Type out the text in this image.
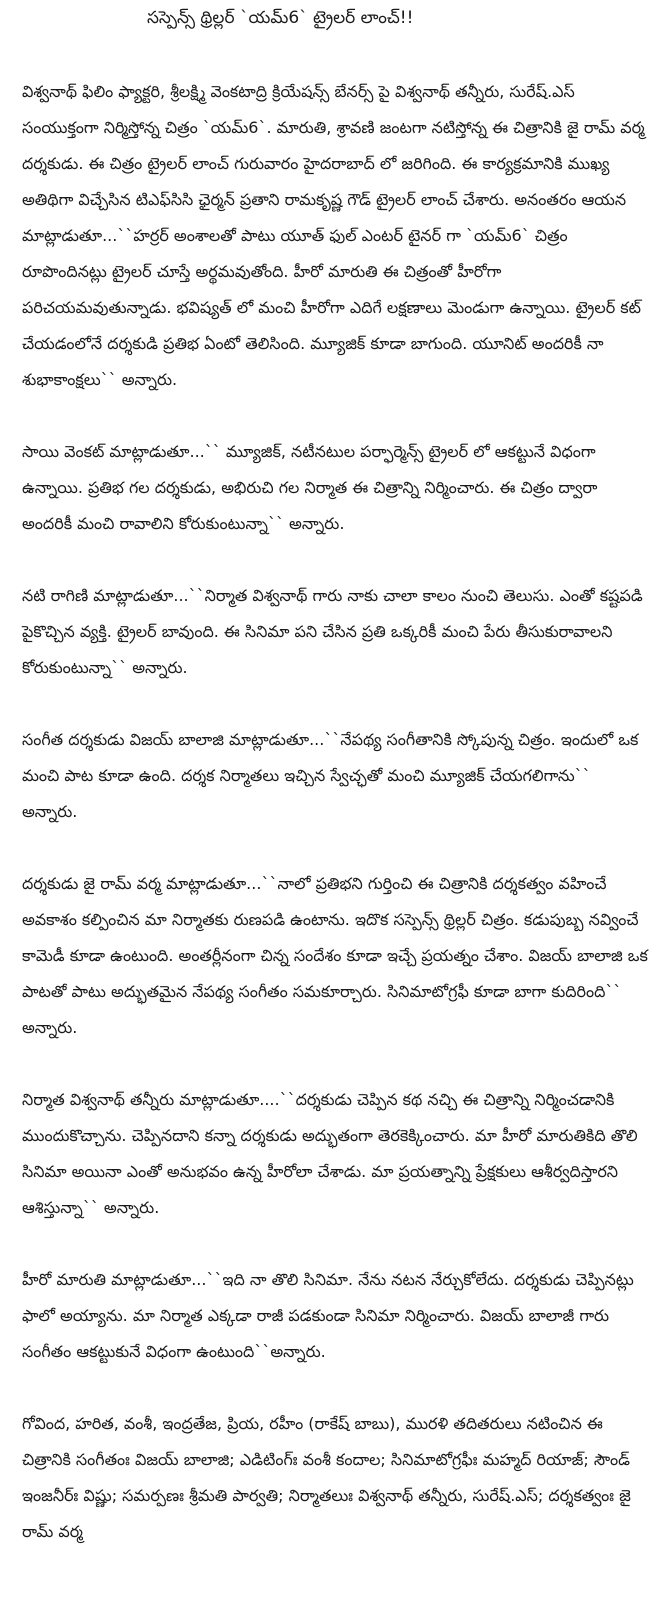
సస్పెన్స్ థ్రిల్లర్ `యమ్6` ట్రైలర్ లాంచ్!!

విశ్వనాథ్ ఫిలిం ఫ్యాక్టరి, శ్రీలక్ష్మి వెంకటాద్రి క్రియేషన్స్ బేనర్స్ పై విశ్వనాథ్ తన్నీరు, సురేష్.ఎస్ సంయుక్తంగా నిర్మిస్తోన్న చిత్రం `యమ్6`. మారుతి, శ్రావణి జంటగా నటిస్తోన్న ఈ చిత్రానికి జై రామ్ వర్మ దర్శకుడు. ఈ చిత్రం ట్రైలర్ లాంచ్ గురువారం హైదరాబాద్ లో జరిగింది. ఈ కార్యక్రమానికి ముఖ్య అతిథిగా విచ్చేసిన టిఎఫ్‌సిసి ఛైర్మన్ ప్రతాని రామకృష్ణ గౌడ్ ట్రైలర్ లాంచ్ చేశారు. అనంతరం ఆయన మాట్లాడుతూ...``హర్రర్ అంశాలతో పాటు యూత్ ఫుల్ ఎంటర్ టైనర్ గా `యమ్6` చిత్రం రూపొందినట్లు ట్రైలర్ చూస్తే అర్థమవుతోంది. హీరో మారుతి ఈ చిత్రంతో హీరోగా పరిచయమవుతున్నాడు. భవిష్యత్ లో మంచి హీరోగా ఎదిగే లక్షణాలు మెండుగా ఉన్నాయి. ట్రైలర్ కట్ చేయడంలోనే దర్శకుడి ప్రతిభ ఏంటో తెలిసింది. మ్యూజిక్ కూడా బాగుంది. యూనిట్ అందరికీ నా శుభాకాంక్షలు`` అన్నారు.

సాయి వెంకట్ మాట్లాడుతూ...`` మ్యూజిక్, నటీనటుల పర్ఫార్మెన్స్ ట్రైలర్ లో ఆకట్టునే విధంగా ఉన్నాయి. ప్రతిభ గల దర్శకుడు, అభిరుచి గల నిర్మాత ఈ చిత్రాన్ని నిర్మించారు. ఈ చిత్రం ద్వారా అందరికీ మంచి రావాలిని కోరుకుంటున్నా`` అన్నారు.

నటి రాగిణి మాట్లాడుతూ...``నిర్మాత విశ్వనాథ్ గారు నాకు చాలా కాలం నుంచి తెలుసు. ఎంతో కష్టపడి పైకొచ్చిన వ్యక్తి. ట్రైలర్ బావుంది. ఈ సినిమా పని చేసిన ప్రతి ఒక్కరికీ మంచి పేరు తీసుకురావాలని కోరుకుంటున్నా`` అన్నారు.

సంగీత దర్శకుడు విజయ్ బాలాజి మాట్లాడుతూ...``నేపథ్య సంగీతానికి స్కోపున్న చిత్రం. ఇందులో ఒక మంచి పాట కూడా ఉంది. దర్శక నిర్మాతలు ఇచ్చిన స్వేచ్ఛతో మంచి మ్యూజిక్ చేయగలిగాను`` అన్నారు.

దర్శకుడు జై రామ్ వర్మ మాట్లాడుతూ...``నాలో ప్రతిభని గుర్తించి ఈ చిత్రానికి దర్శకత్వం వహించే అవకాశం కల్పించిన మా నిర్మాతకు రుణపడి ఉంటాను. ఇదొక సస్పెన్స్ థ్రిల్లర్ చిత్రం. కడుపుబ్బ నవ్వించే కామెడీ కూడా ఉంటుంది. అంతర్లీనంగా చిన్న సందేశం కూడా ఇచ్చే ప్రయత్నం చేశాం. విజయ్ బాలాజి ఒక పాటతో పాటు అద్భుతమైన నేపథ్య సంగీతం సమకూర్చారు. సినిమాటోగ్రఫీ కూడా బాగా కుదిరింది`` అన్నారు.

నిర్మాత విశ్వనాథ్ తన్నీరు మాట్లాడుతూ....``దర్శకుడు చెప్పిన కథ నచ్చి ఈ చిత్రాన్ని నిర్మించడానికి ముందుకొచ్చాను. చెప్పినదాని కన్నా దర్శకుడు అద్భుతంగా తెరకెక్కించారు. మా హీరో మారుతికిది తొలి సినిమా అయినా ఎంతో అనుభవం ఉన్న హీరోలా చేశాడు. మా ప్రయత్నాన్ని ప్రేక్షకులు ఆశీర్వదిస్తారని ఆశిస్తున్నా`` అన్నారు.

హీరో మారుతి మాట్లాడుతూ...``ఇది నా తొలి సినిమా. నేను నటన నేర్చుకోలేదు. దర్శకుడు చెప్పినట్లు ఫాలో అయ్యాను. మా నిర్మాత ఎక్కడా రాజీ పడకుండా సినిమా నిర్మించారు. విజయ్ బాలాజీ గారు సంగీతం ఆకట్టుకునే విధంగా ఉంటుంది``అన్నారు.

గోవింద, హరిత, వంశీ, ఇంద్రతేజ, ప్రియ, రహీం (రాకేష్ బాబు), మురళి తదితరులు నటించిన ఈ చిత్రానికి సంగీతంః విజయ్ బాలాజి; ఎడిటింగ్ః వంశీ కందాల; సినిమాటోగ్రఫీః మహ్మద్ రియాజ్; సౌండ్ ఇంజనీర్ః విష్ణు; సమర్పణః శ్రీమతి పార్వతి; నిర్మాతలుః విశ్వనాథ్ తన్నీరు, సురేష్.ఎస్; దర్శకత్వంః జై రామ్ వర్మ
